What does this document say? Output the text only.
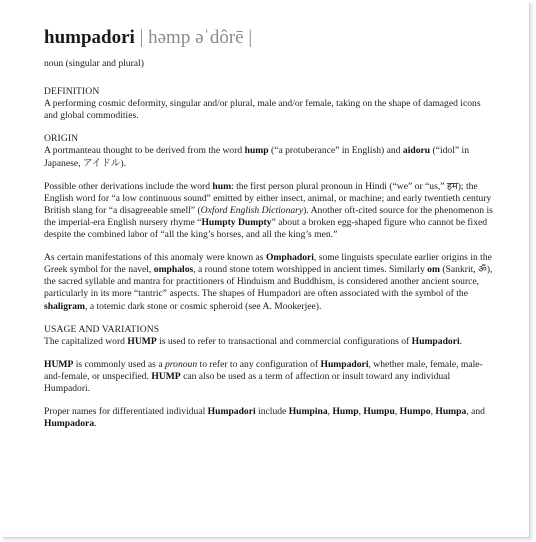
humpadori | həmp əˈdôrē |

noun (singular and plural)

DEFINITION

A performing cosmic deformity, singular and/or plural, male and/or female, taking on the shape of damaged icons and global commodities.

ORIGIN

A portmanteau thought to be derived from the word hump (“a protuberance” in English) and aidoru (“idol” in Japanese, アイドル).

Possible other derivations include the word hum: the first person plural pronoun in Hindi (“we” or “us,” हम); the English word for “a low continuous sound” emitted by either insect, animal, or machine; and early twentieth century British slang for “a disagreeable smell” (Oxford English Dictionary). Another oft-cited source for the phenomenon is the imperial-era English nursery rhyme “Humpty Dumpty” about a broken egg-shaped figure who cannot be fixed despite the combined labor of “all the king’s horses, and all the king’s men.”

As certain manifestations of this anomaly were known as Omphadori, some linguists speculate earlier origins in the Greek symbol for the navel, omphalos, a round stone totem worshipped in ancient times. Similarly om (Sankrit, ॐ), the sacred syllable and mantra for practitioners of Hinduism and Buddhism, is considered another ancient source, particularly in its more “tantric” aspects. The shapes of Humpadori are often associated with the symbol of the shaligram, a totemic dark stone or cosmic spheroid (see A. Mookerjee).

USAGE AND VARIATIONS

The capitalized word HUMP is used to refer to transactional and commercial configurations of Humpadori.

HUMP is commonly used as a pronoun to refer to any configuration of Humpadori, whether male, female, male-and-female, or unspecified. HUMP can also be used as a term of affection or insult toward any individual Humpadori.

Proper names for differentiated individual Humpadori include Humpina, Hump, Humpu, Humpo, Humpa, and Humpadora.
